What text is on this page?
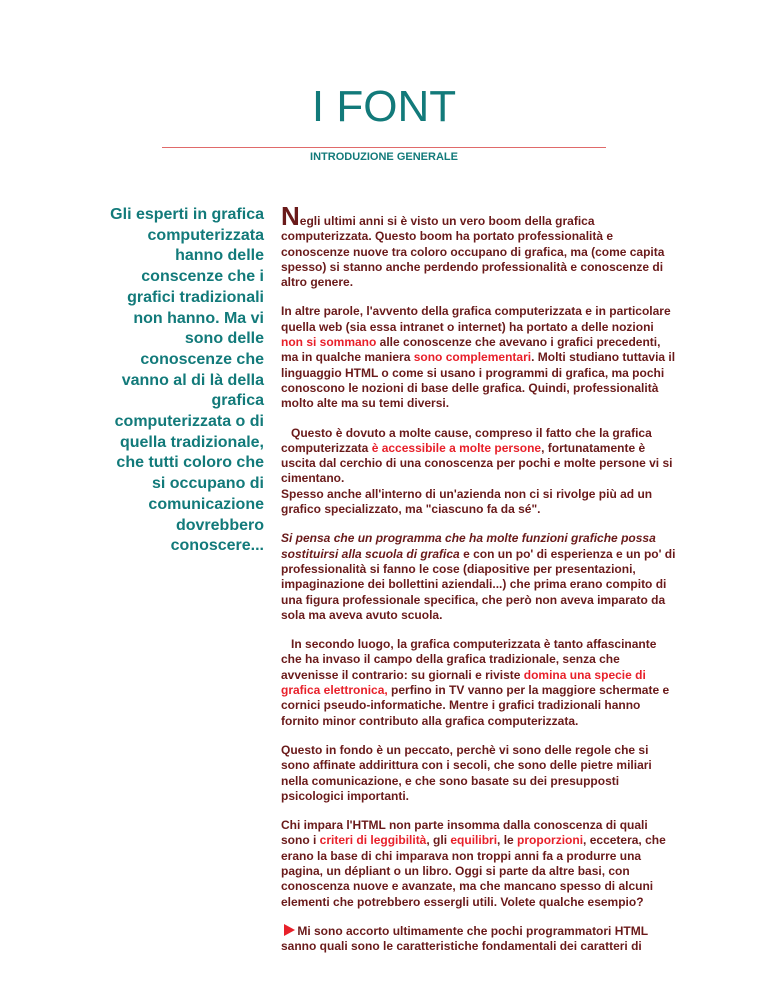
I FONT
INTRODUZIONE GENERALE
Gli esperti in grafica computerizzata hanno delle conscenze che i grafici tradizionali non hanno. Ma vi sono delle conoscenze che vanno al di là della grafica computerizzata o di quella tradizionale, che tutti coloro che si occupano di comunicazione dovrebbero conoscere...

Negli ultimi anni si è visto un vero boom della grafica computerizzata. Questo boom ha portato professionalità e conoscenze nuove tra coloro occupano di grafica, ma (come capita spesso) si stanno anche perdendo professionalità e conoscenze di altro genere.

In altre parole, l'avvento della grafica computerizzata e in particolare quella web (sia essa intranet o internet) ha portato a delle nozioni non si sommano alle conoscenze che avevano i grafici precedenti, ma in qualche maniera sono complementari. Molti studiano tuttavia il linguaggio HTML o come si usano i programmi di grafica, ma pochi conoscono le nozioni di base delle grafica. Quindi, professionalità molto alte ma su temi diversi.

Questo è dovuto a molte cause, compreso il fatto che la grafica computerizzata è accessibile a molte persone, fortunatamente è uscita dal cerchio di una conoscenza per pochi e molte persone vi si cimentano.
Spesso anche all'interno di un'azienda non ci si rivolge più ad un grafico specializzato, ma "ciascuno fa da sé".

Si pensa che un programma che ha molte funzioni grafiche possa sostituirsi alla scuola di grafica e con un po' di esperienza e un po' di professionalità si fanno le cose (diapositive per presentazioni, impaginazione dei bollettini aziendali...) che prima erano compito di una figura professionale specifica, che però non aveva imparato da sola ma aveva avuto scuola.

In secondo luogo, la grafica computerizzata è tanto affascinante che ha invaso il campo della grafica tradizionale, senza che avvenisse il contrario: su giornali e riviste domina una specie di grafica elettronica, perfino in TV vanno per la maggiore schermate e cornici pseudo-informatiche. Mentre i grafici tradizionali hanno fornito minor contributo alla grafica computerizzata.

Questo in fondo è un peccato, perchè vi sono delle regole che si sono affinate addirittura con i secoli, che sono delle pietre miliari nella comunicazione, e che sono basate su dei presupposti psicologici importanti.

Chi impara l'HTML non parte insomma dalla conoscenza di quali sono i criteri di leggibilità, gli equilibri, le proporzioni, eccetera, che erano la base di chi imparava non troppi anni fa a produrre una pagina, un dépliant o un libro. Oggi si parte da altre basi, con conoscenza nuove e avanzate, ma che mancano spesso di alcuni elementi che potrebbero essergli utili. Volete qualche esempio?

Mi sono accorto ultimamente che pochi programmatori HTML sanno quali sono le caratteristiche fondamentali dei caratteri di
